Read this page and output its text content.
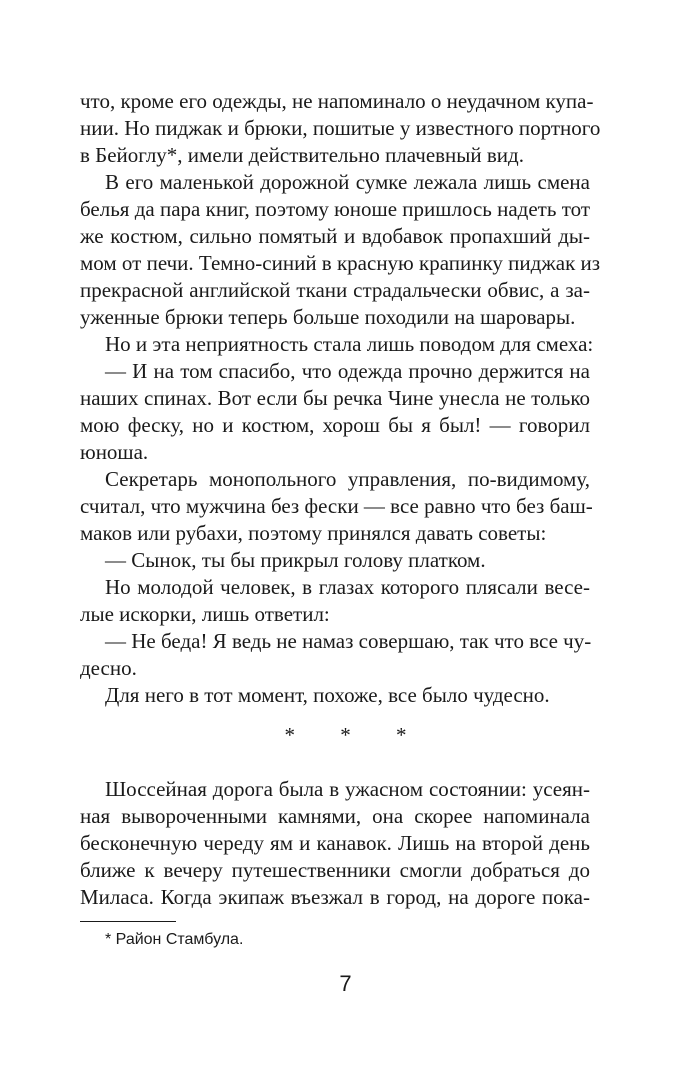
что, кроме его одежды, не напоминало о неудачном купа-
нии. Но пиджак и брюки, пошитые у известного портного
в Бейоглу*, имели действительно плачевный вид.
В его маленькой дорожной сумке лежала лишь смена
белья да пара книг, поэтому юноше пришлось надеть тот
же костюм, сильно помятый и вдобавок пропахший ды-
мом от печи. Темно-синий в красную крапинку пиджак из
прекрасной английской ткани страдальчески обвис, а за-
уженные брюки теперь больше походили на шаровары.
Но и эта неприятность стала лишь поводом для смеха:
— И на том спасибо, что одежда прочно держится на
наших спинах. Вот если бы речка Чине унесла не только
мою феску, но и костюм, хорош бы я был! — говорил
юноша.
Секретарь монопольного управления, по-видимому,
считал, что мужчина без фески — все равно что без баш-
маков или рубахи, поэтому принялся давать советы:
— Сынок, ты бы прикрыл голову платком.
Но молодой человек, в глазах которого плясали весе-
лые искорки, лишь ответил:
— Не беда! Я ведь не намаз совершаю, так что все чу-
десно.
Для него в тот момент, похоже, все было чудесно.
* * *
Шоссейная дорога была в ужасном состоянии: усеян-
ная вывороченными камнями, она скорее напоминала
бесконечную череду ям и канавок. Лишь на второй день
ближе к вечеру путешественники смогли добраться до
Миласа. Когда экипаж въезжал в город, на дороге пока-
* Район Стамбула.
7
